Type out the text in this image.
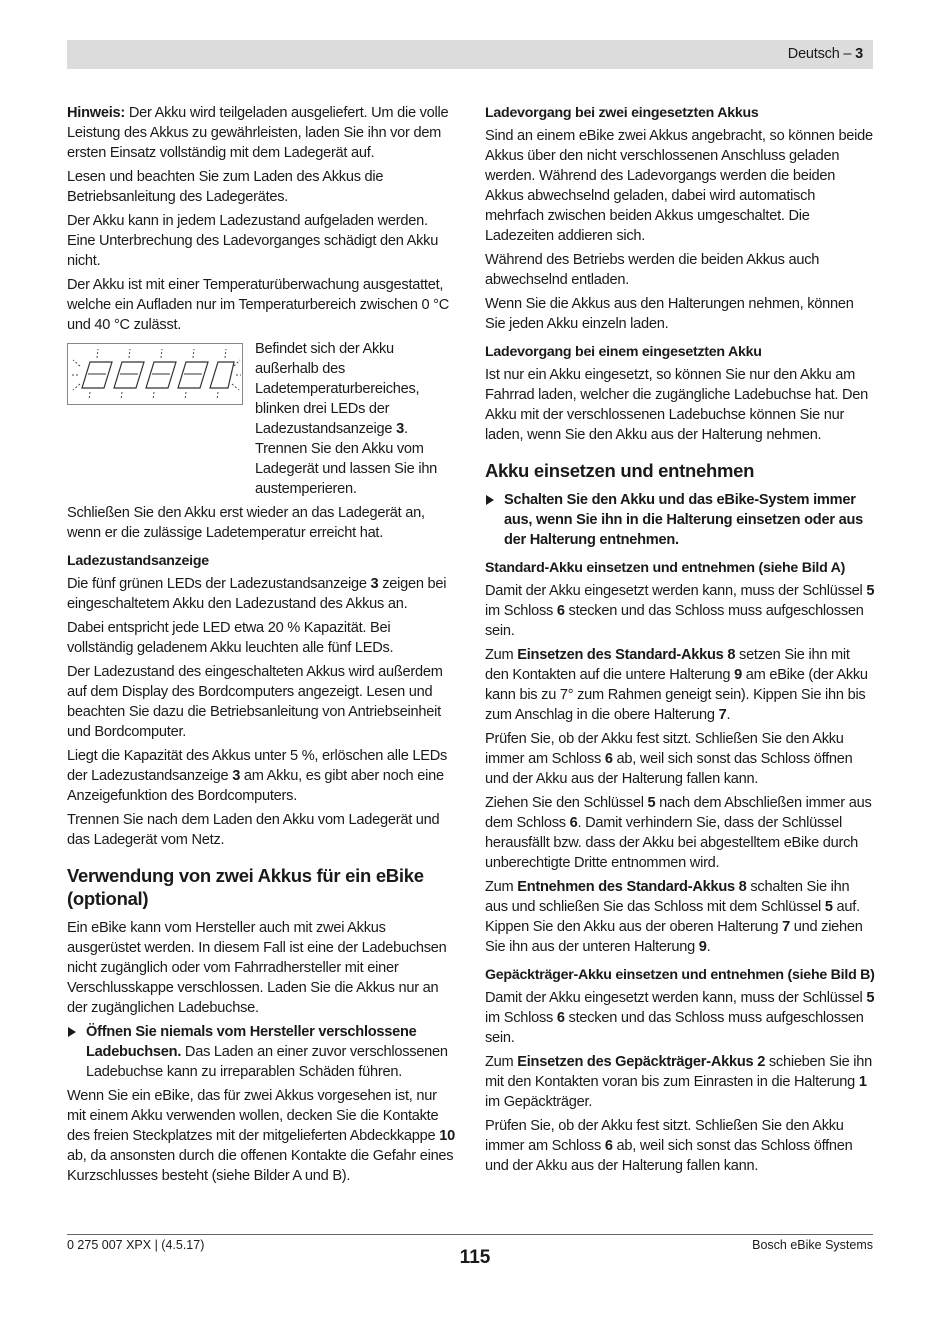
Deutsch – 3

Hinweis: Der Akku wird teilgeladen ausgeliefert. Um die volle Leistung des Akkus zu gewährleisten, laden Sie ihn vor dem ersten Einsatz vollständig mit dem Ladegerät auf.

Lesen und beachten Sie zum Laden des Akkus die Betriebsanleitung des Ladegerätes.

Der Akku kann in jedem Ladezustand aufgeladen werden. Eine Unterbrechung des Ladevorganges schädigt den Akku nicht.

Der Akku ist mit einer Temperaturüberwachung ausgestattet, welche ein Aufladen nur im Temperaturbereich zwischen 0 °C und 40 °C zulässt.

Befindet sich der Akku außerhalb des Ladetemperaturbereiches, blinken drei LEDs der Ladezustandsanzeige 3. Trennen Sie den Akku vom Ladegerät und lassen Sie ihn austemperieren.

Schließen Sie den Akku erst wieder an das Ladegerät an, wenn er die zulässige Ladetemperatur erreicht hat.

Ladezustandsanzeige

Die fünf grünen LEDs der Ladezustandsanzeige 3 zeigen bei eingeschaltetem Akku den Ladezustand des Akkus an.

Dabei entspricht jede LED etwa 20 % Kapazität. Bei vollständig geladenem Akku leuchten alle fünf LEDs.

Der Ladezustand des eingeschalteten Akkus wird außerdem auf dem Display des Bordcomputers angezeigt. Lesen und beachten Sie dazu die Betriebsanleitung von Antriebseinheit und Bordcomputer.

Liegt die Kapazität des Akkus unter 5 %, erlöschen alle LEDs der Ladezustandsanzeige 3 am Akku, es gibt aber noch eine Anzeigefunktion des Bordcomputers.

Trennen Sie nach dem Laden den Akku vom Ladegerät und das Ladegerät vom Netz.

Verwendung von zwei Akkus für ein eBike (optional)

Ein eBike kann vom Hersteller auch mit zwei Akkus ausgerüstet werden. In diesem Fall ist eine der Ladebuchsen nicht zugänglich oder vom Fahrradhersteller mit einer Verschlusskappe verschlossen. Laden Sie die Akkus nur an der zugänglichen Ladebuchse.

Öffnen Sie niemals vom Hersteller verschlossene Ladebuchsen. Das Laden an einer zuvor verschlossenen Ladebuchse kann zu irreparablen Schäden führen.

Wenn Sie ein eBike, das für zwei Akkus vorgesehen ist, nur mit einem Akku verwenden wollen, decken Sie die Kontakte des freien Steckplatzes mit der mitgelieferten Abdeckkappe 10 ab, da ansonsten durch die offenen Kontakte die Gefahr eines Kurzschlusses besteht (siehe Bilder A und B).

Ladevorgang bei zwei eingesetzten Akkus

Sind an einem eBike zwei Akkus angebracht, so können beide Akkus über den nicht verschlossenen Anschluss geladen werden. Während des Ladevorgangs werden die beiden Akkus abwechselnd geladen, dabei wird automatisch mehrfach zwischen beiden Akkus umgeschaltet. Die Ladezeiten addieren sich.

Während des Betriebs werden die beiden Akkus auch abwechselnd entladen.

Wenn Sie die Akkus aus den Halterungen nehmen, können Sie jeden Akku einzeln laden.

Ladevorgang bei einem eingesetzten Akku

Ist nur ein Akku eingesetzt, so können Sie nur den Akku am Fahrrad laden, welcher die zugängliche Ladebuchse hat. Den Akku mit der verschlossenen Ladebuchse können Sie nur laden, wenn Sie den Akku aus der Halterung nehmen.

Akku einsetzen und entnehmen
Schalten Sie den Akku und das eBike-System immer aus, wenn Sie ihn in die Halterung einsetzen oder aus der Halterung entnehmen.
Standard-Akku einsetzen und entnehmen (siehe Bild A)

Damit der Akku eingesetzt werden kann, muss der Schlüssel 5 im Schloss 6 stecken und das Schloss muss aufgeschlossen sein.

Zum Einsetzen des Standard-Akkus 8 setzen Sie ihn mit den Kontakten auf die untere Halterung 9 am eBike (der Akku kann bis zu 7° zum Rahmen geneigt sein). Kippen Sie ihn bis zum Anschlag in die obere Halterung 7.

Prüfen Sie, ob der Akku fest sitzt. Schließen Sie den Akku immer am Schloss 6 ab, weil sich sonst das Schloss öffnen und der Akku aus der Halterung fallen kann.

Ziehen Sie den Schlüssel 5 nach dem Abschließen immer aus dem Schloss 6. Damit verhindern Sie, dass der Schlüssel herausfällt bzw. dass der Akku bei abgestelltem eBike durch unberechtigte Dritte entnommen wird.

Zum Entnehmen des Standard-Akkus 8 schalten Sie ihn aus und schließen Sie das Schloss mit dem Schlüssel 5 auf. Kippen Sie den Akku aus der oberen Halterung 7 und ziehen Sie ihn aus der unteren Halterung 9.

Gepäckträger-Akku einsetzen und entnehmen (siehe Bild B)

Damit der Akku eingesetzt werden kann, muss der Schlüssel 5 im Schloss 6 stecken und das Schloss muss aufgeschlossen sein.

Zum Einsetzen des Gepäckträger-Akkus 2 schieben Sie ihn mit den Kontakten voran bis zum Einrasten in die Halterung 1 im Gepäckträger.

Prüfen Sie, ob der Akku fest sitzt. Schließen Sie den Akku immer am Schloss 6 ab, weil sich sonst das Schloss öffnen und der Akku aus der Halterung fallen kann.

0 275 007 XPX | (4.5.17)	Bosch eBike Systems
115
